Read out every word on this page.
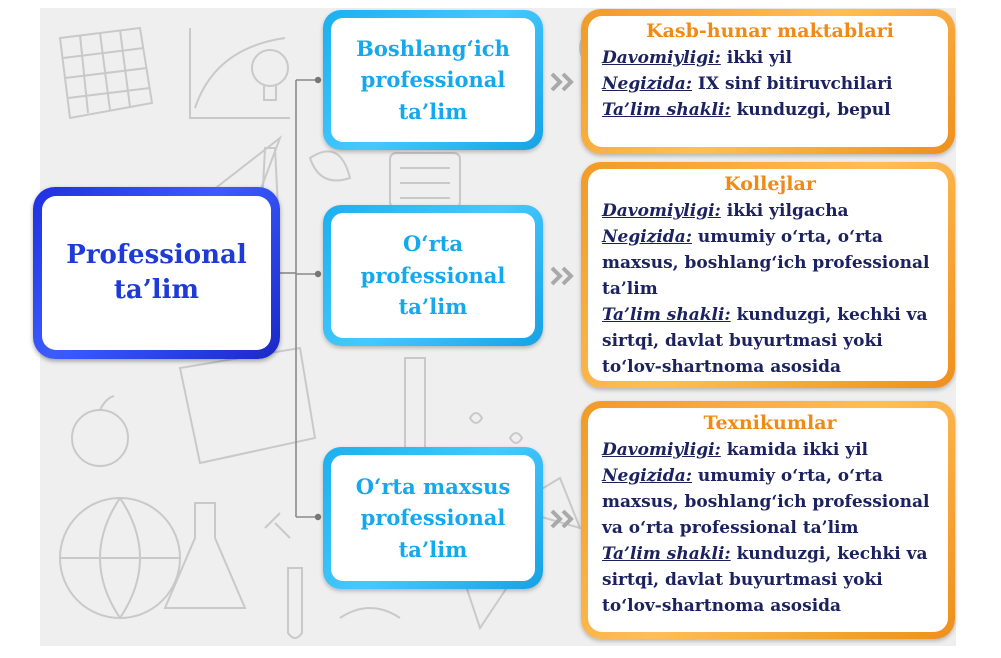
Professional
ta’lim
Boshlang‘ich
professional
ta’lim
O‘rta
professional
ta’lim
O‘rta maxsus
professional
ta’lim
Kasb-hunar maktablari
Davomiyligi: ikki yil
Negizida: IX sinf bitiruvchilari
Ta’lim shakli: kunduzgi, bepul
Kollejlar
Davomiyligi: ikki yilgacha
Negizida: umumiy o‘rta, o‘rta maxsus, boshlang‘ich professional ta’lim
Ta’lim shakli: kunduzgi, kechki va sirtqi, davlat buyurtmasi yoki to‘lov-shartnoma asosida
Texnikumlar
Davomiyligi: kamida ikki yil
Negizida: umumiy o‘rta, o‘rta maxsus, boshlang‘ich professional va o‘rta professional ta’lim
Ta’lim shakli: kunduzgi, kechki va sirtqi, davlat buyurtmasi yoki to‘lov-shartnoma asosida
